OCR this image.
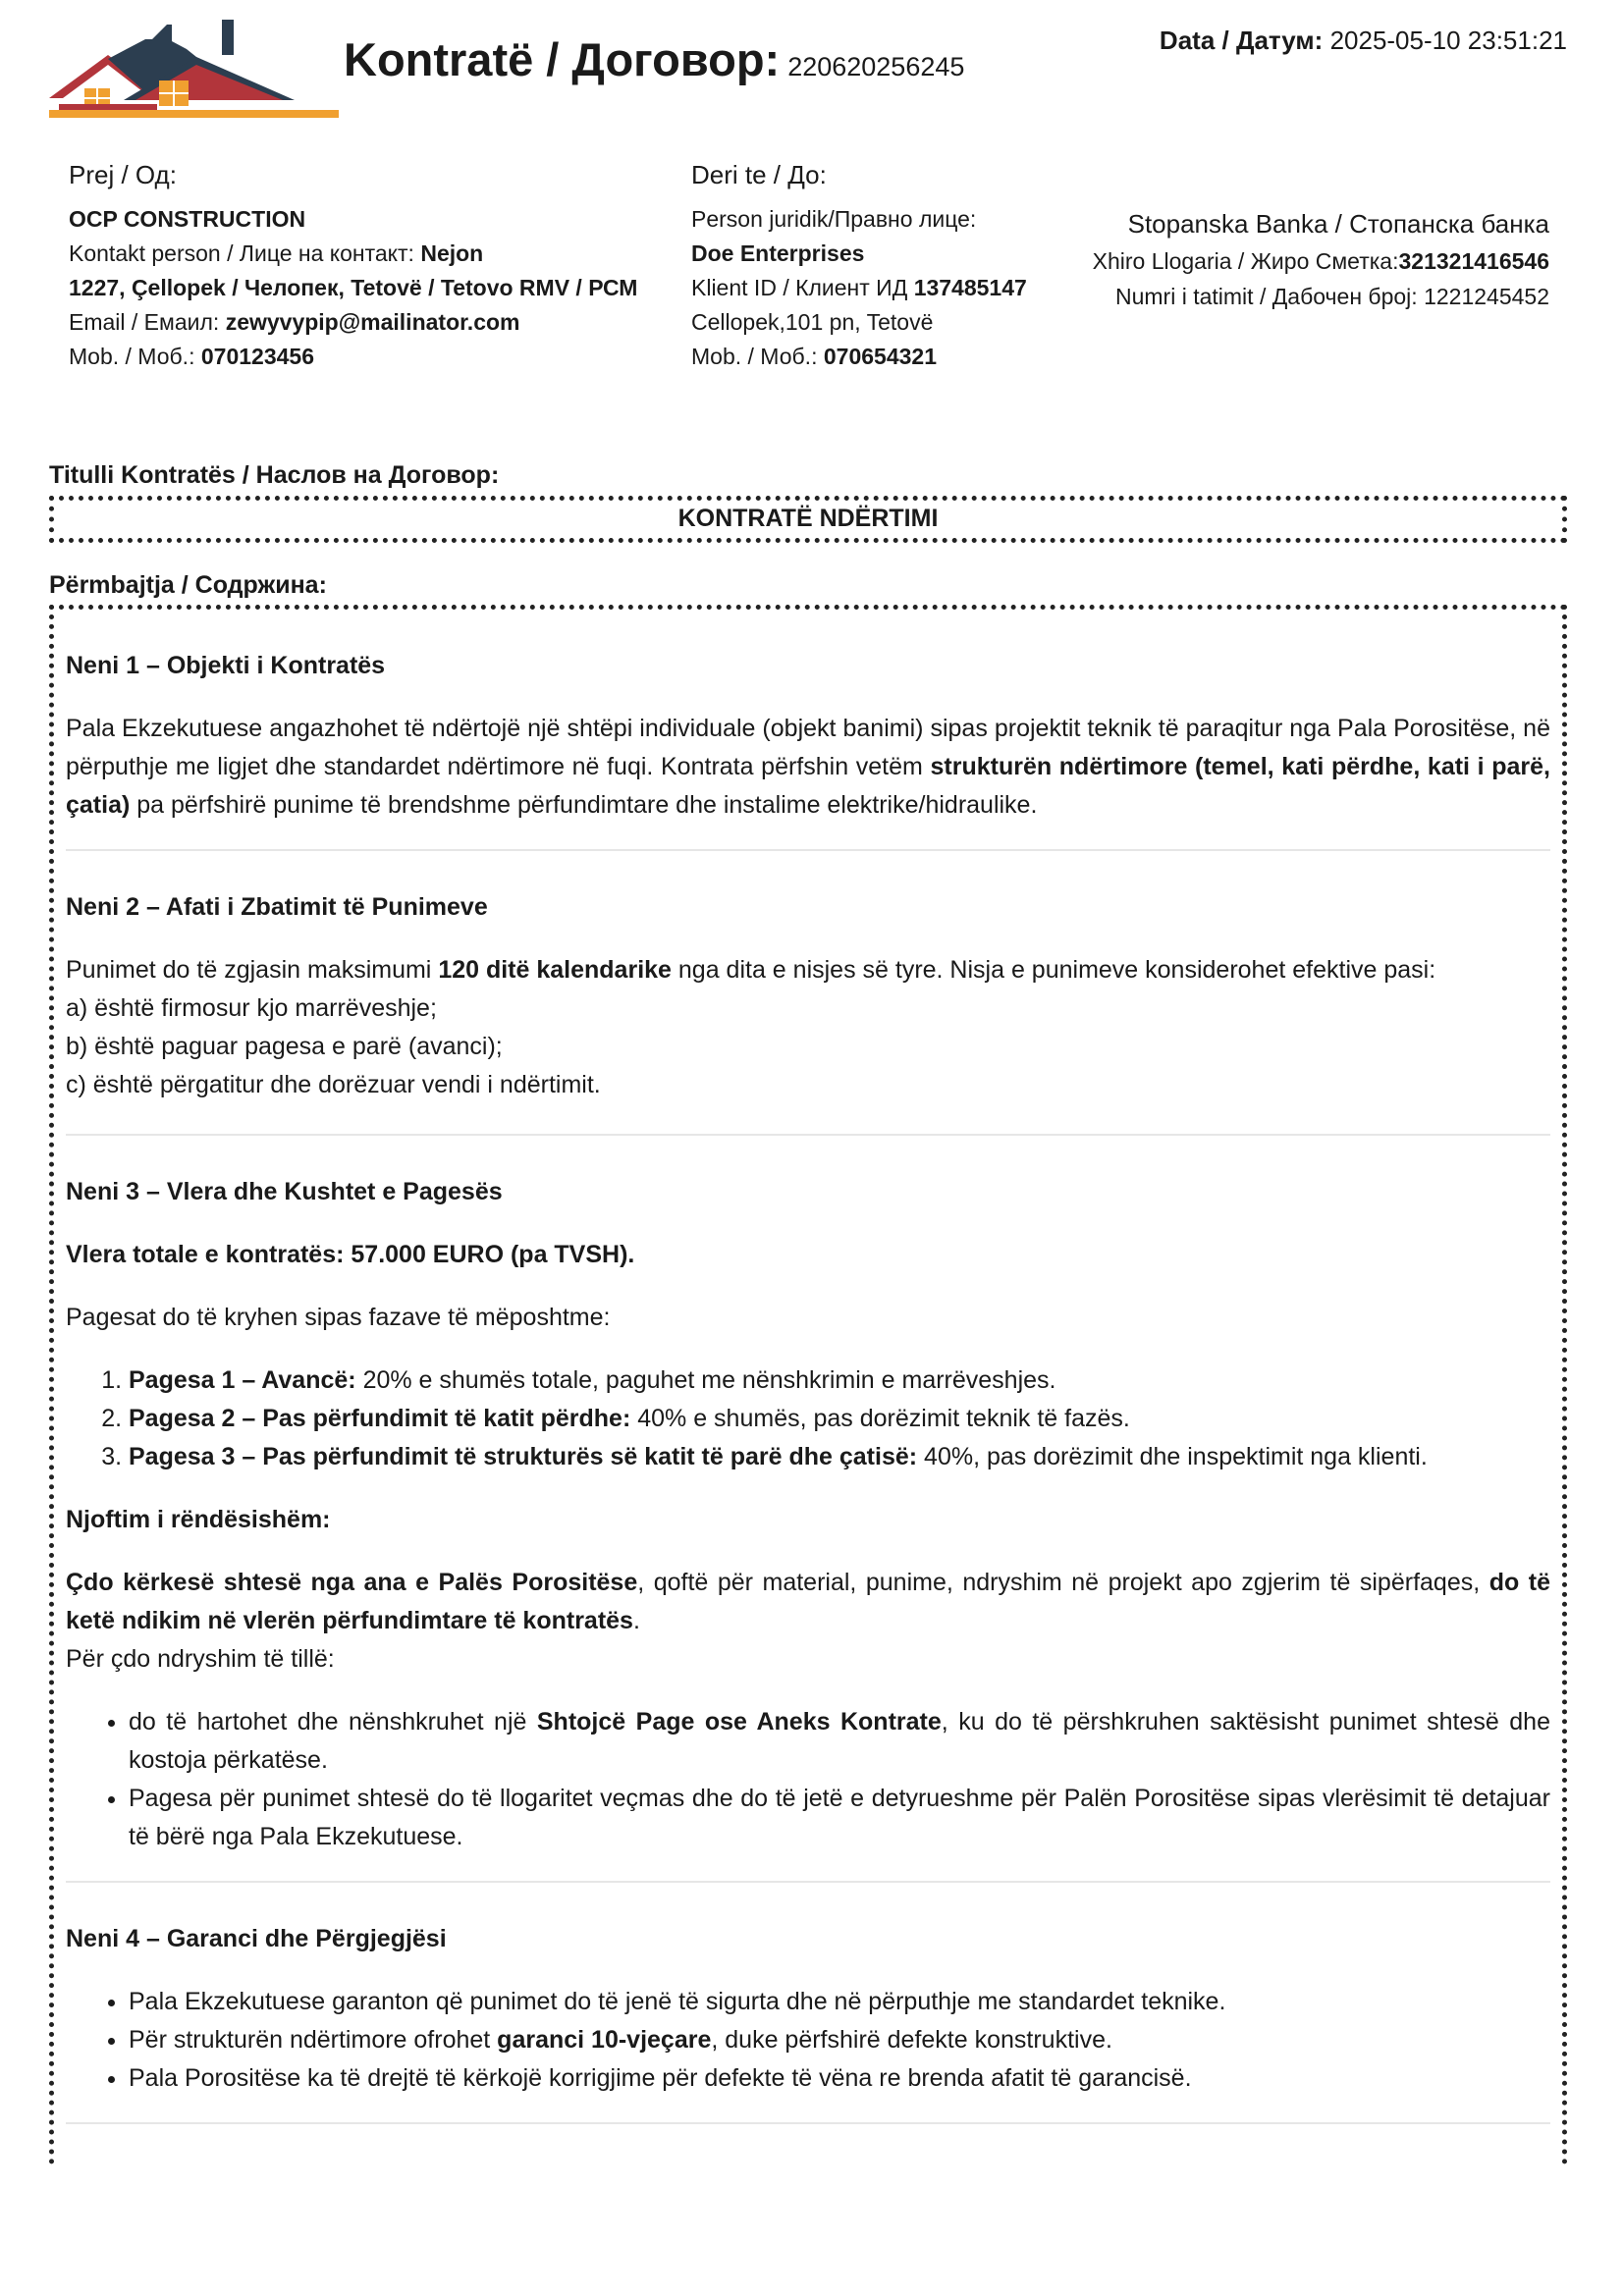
Kontratë / Договор: 220620256245
Data / Датум: 2025-05-10 23:51:21
Prej / Од:
OCP CONSTRUCTION
Kontakt person / Лице на контакт: Nejon
1227, Çellopek / Челопек, Tetovë / Tetovo RMV / РСМ
Email / Емаил: zewyvypip@mailinator.com
Mob. / Моб.: 070123456
Deri te / До:
Person juridik/Правно лице:
Doe Enterprises
Klient ID / Клиент ИД 137485147
Cellopek,101 pn, Tetovë
Mob. / Моб.: 070654321
Stopanska Banka / Стопанска банка
Xhiro Llogaria / Жиро Сметка:321321416546
Numri i tatimit / Дабочен број: 1221245452
Titulli Kontratës / Наслов на Договор:
KONTRATË NDËRTIMI
Përmbajtja / Содржина:
Neni 1 – Objekti i Kontratës

Pala Ekzekutuese angazhohet të ndërtojë një shtëpi individuale (objekt banimi) sipas projektit teknik të paraqitur nga Pala Porositëse, në përputhje me ligjet dhe standardet ndërtimore në fuqi. Kontrata përfshin vetëm strukturën ndërtimore (temel, kati përdhe, kati i parë, çatia) pa përfshirë punime të brendshme përfundimtare dhe instalime elektrike/hidraulike.

Neni 2 – Afati i Zbatimit të Punimeve

Punimet do të zgjasin maksimumi 120 ditë kalendarike nga dita e nisjes së tyre. Nisja e punimeve konsiderohet efektive pasi:

a) është firmosur kjo marrëveshje;
b) është paguar pagesa e parë (avanci);
c) është përgatitur dhe dorëzuar vendi i ndërtimit.
Neni 3 – Vlera dhe Kushtet e Pagesës

Vlera totale e kontratës: 57.000 EURO (pa TVSH).

Pagesat do të kryhen sipas fazave të mëposhtme:

1. Pagesa 1 – Avancë: 20% e shumës totale, paguhet me nënshkrimin e marrëveshjes.
2. Pagesa 2 – Pas përfundimit të katit përdhe: 40% e shumës, pas dorëzimit teknik të fazës.
3. Pagesa 3 – Pas përfundimit të strukturës së katit të parë dhe çatisë: 40%, pas dorëzimit dhe inspektimit nga klienti.

Njoftim i rëndësishëm:

Çdo kërkesë shtesë nga ana e Palës Porositëse, qoftë për material, punime, ndryshim në projekt apo zgjerim të sipërfaqes, do të ketë ndikim në vlerën përfundimtare të kontratës.

Për çdo ndryshim të tillë:

• do të hartohet dhe nënshkruhet një Shtojcë Page ose Aneks Kontrate, ku do të përshkruhen saktësisht punimet shtesë dhe kostoja përkatëse.
• Pagesa për punimet shtesë do të llogaritet veçmas dhe do të jetë e detyrueshme për Palën Porositëse sipas vlerësimit të detajuar të bërë nga Pala Ekzekutuese.
Neni 4 – Garanci dhe Përgjegjësi
• Pala Ekzekutuese garanton që punimet do të jenë të sigurta dhe në përputhje me standardet teknike.
• Për strukturën ndërtimore ofrohet garanci 10-vjeçare, duke përfshirë defekte konstruktive.
• Pala Porositëse ka të drejtë të kërkojë korrigjime për defekte të vëna re brenda afatit të garancisë.
